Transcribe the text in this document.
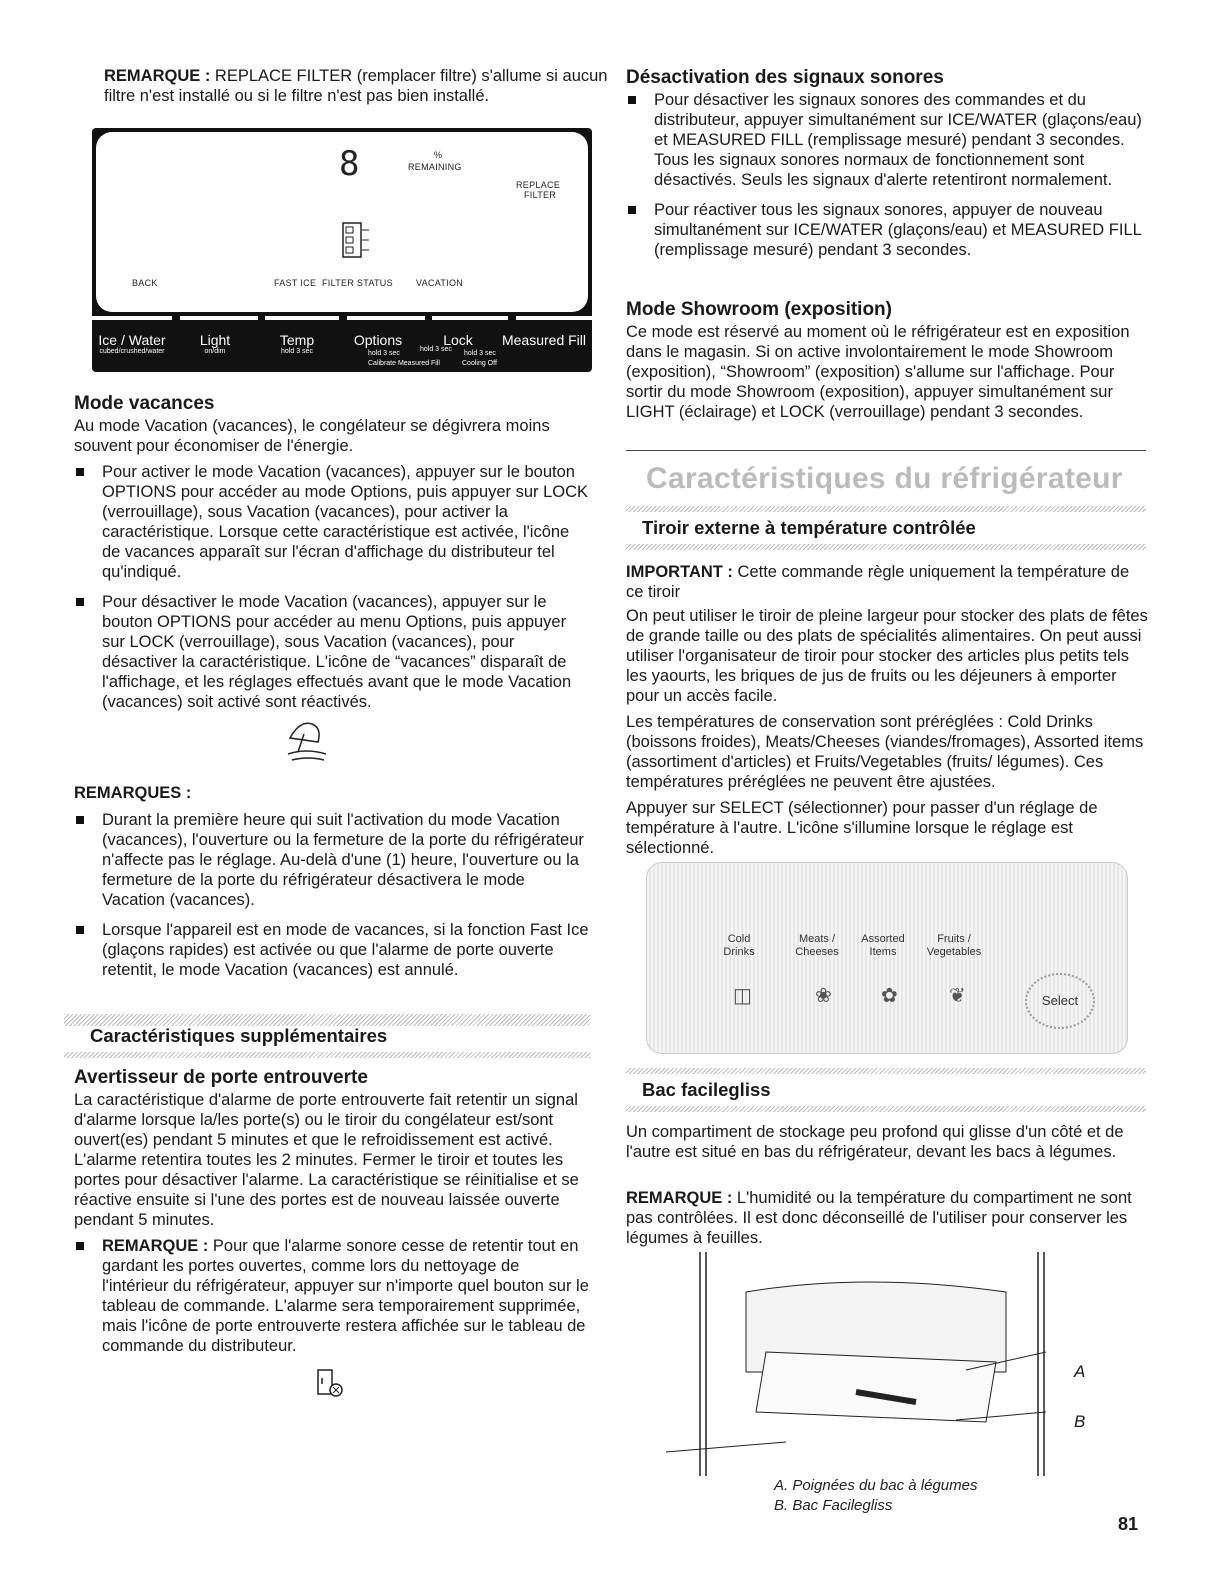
REMARQUE : REPLACE FILTER (remplacer filtre) s'allume si aucun filtre n'est installé ou si le filtre n'est pas bien installé.

8	%
REMAINING
REPLACE
FILTER
BACK	FAST ICE FILTER STATUS	VACATION
Ice / Water
cubed/crushed/water
Light
on/dim
Temp
hold 3 sec
Options	Lock	Measured Fill
hold 3 sec
hold 3 sec
hold 3 sec
Calibrate Measured Fill	Cooling Off
Mode vacances

Au mode Vacation (vacances), le congélateur se dégivrera moins souvent pour économiser de l'énergie.

Pour activer le mode Vacation (vacances), appuyer sur le bouton OPTIONS pour accéder au mode Options, puis appuyer sur LOCK (verrouillage), sous Vacation (vacances), pour activer la caractéristique. Lorsque cette caractéristique est activée, l'icône de vacances apparaît sur l'écran d'affichage du distributeur tel qu'indiqué.
Pour désactiver le mode Vacation (vacances), appuyer sur le bouton OPTIONS pour accéder au menu Options, puis appuyer sur LOCK (verrouillage), sous Vacation (vacances), pour désactiver la caractéristique. L'icône de “vacances” disparaît de l'affichage, et les réglages effectués avant que le mode Vacation (vacances) soit activé sont réactivés.
REMARQUES :
Durant la première heure qui suit l'activation du mode Vacation (vacances), l'ouverture ou la fermeture de la porte du réfrigérateur n'affecte pas le réglage. Au-delà d'une (1) heure, l'ouverture ou la fermeture de la porte du réfrigérateur désactivera le mode Vacation (vacances).
Lorsque l'appareil est en mode de vacances, si la fonction Fast Ice (glaçons rapides) est activée ou que l'alarme de porte ouverte retentit, le mode Vacation (vacances) est annulé.
Caractéristiques supplémentaires
Avertisseur de porte entrouverte

La caractéristique d'alarme de porte entrouverte fait retentir un signal d'alarme lorsque la/les porte(s) ou le tiroir du congélateur est/sont ouvert(es) pendant 5 minutes et que le refroidissement est activé. L'alarme retentira toutes les 2 minutes. Fermer le tiroir et toutes les portes pour désactiver l'alarme. La caractéristique se réinitialise et se réactive ensuite si l'une des portes est de nouveau laissée ouverte pendant 5 minutes.

REMARQUE : Pour que l'alarme sonore cesse de retentir tout en gardant les portes ouvertes, comme lors du nettoyage de l'intérieur du réfrigérateur, appuyer sur n'importe quel bouton sur le tableau de commande. L'alarme sera temporairement supprimée, mais l'icône de porte entrouverte restera affichée sur le tableau de commande du distributeur.
Désactivation des signaux sonores
Pour désactiver les signaux sonores des commandes et du distributeur, appuyer simultanément sur ICE/WATER (glaçons/eau) et MEASURED FILL (remplissage mesuré) pendant 3 secondes. Tous les signaux sonores normaux de fonctionnement sont désactivés. Seuls les signaux d'alerte retentiront normalement.
Pour réactiver tous les signaux sonores, appuyer de nouveau simultanément sur ICE/WATER (glaçons/eau) et MEASURED FILL (remplissage mesuré) pendant 3 secondes.
Mode Showroom (exposition)

Ce mode est réservé au moment où le réfrigérateur est en exposition dans le magasin. Si on active involontairement le mode Showroom (exposition), “Showroom” (exposition) s'allume sur l'affichage. Pour sortir du mode Showroom (exposition), appuyer simultanément sur LIGHT (éclairage) et LOCK (verrouillage) pendant 3 secondes.

Caractéristiques du réfrigérateur
Tiroir externe à température contrôlée

IMPORTANT : Cette commande règle uniquement la température de ce tiroir

On peut utiliser le tiroir de pleine largeur pour stocker des plats de fêtes de grande taille ou des plats de spécialités alimentaires. On peut aussi utiliser l'organisateur de tiroir pour stocker des articles plus petits tels les yaourts, les briques de jus de fruits ou les déjeuners à emporter pour un accès facile.

Les températures de conservation sont préréglées : Cold Drinks (boissons froides), Meats/Cheeses (viandes/fromages), Assorted items (assortiment d'articles) et Fruits/Vegetables (fruits/ légumes). Ces températures préréglées ne peuvent être ajustées.

Appuyer sur SELECT (sélectionner) pour passer d'un réglage de température à l'autre. L'icône s'illumine lorsque le réglage est sélectionné.

Cold
Drinks
Meats /
Cheeses
Assorted
Items
Fruits /
Vegetables
◫	❀ ✿	❦	Select
Bac facilegliss

Un compartiment de stockage peu profond qui glisse d'un côté et de l'autre est situé en bas du réfrigérateur, devant les bacs à légumes.

REMARQUE : L'humidité ou la température du compartiment ne sont pas contrôlées. Il est donc déconseillé de l'utiliser pour conserver les légumes à feuilles.

A
B
A. Poignées du bac à légumes
B. Bac Facilegliss
81
